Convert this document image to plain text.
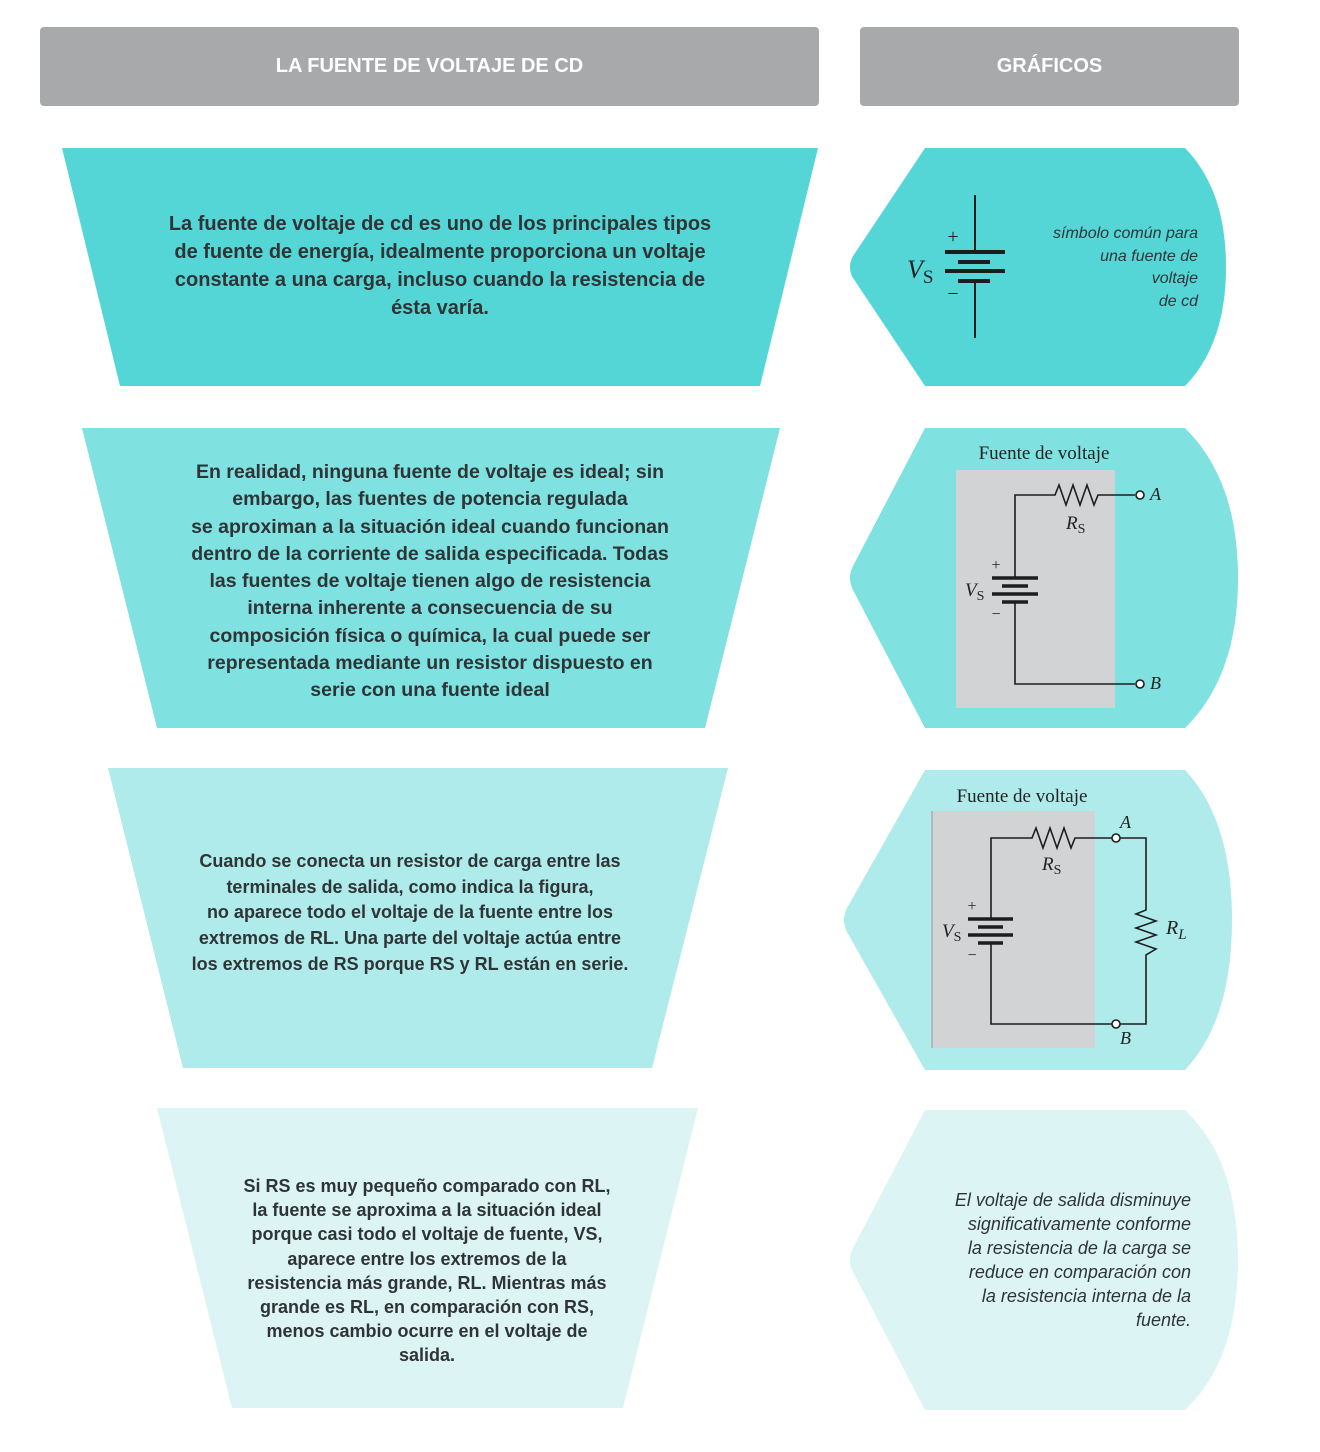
+
−
VS
Fuente de voltaje
+
−
$V_S$
$R_S$
A
B
Fuente de voltaje
+
−
$V_S$
$R_S$
$R_L$
A
B
LA FUENTE DE VOLTAJE DE CD	GRÁFICOS
La fuente de voltaje de cd es uno de los principales tipos
de fuente de energía, idealmente proporciona un voltaje
constante a una carga, incluso cuando la resistencia de
ésta varía.
En realidad, ninguna fuente de voltaje es ideal; sin
embargo, las fuentes de potencia regulada
se aproximan a la situación ideal cuando funcionan
dentro de la corriente de salida especificada. Todas
las fuentes de voltaje tienen algo de resistencia
interna inherente a consecuencia de su
composición física o química, la cual puede ser
representada mediante un resistor dispuesto en
serie con una fuente ideal
Cuando se conecta un resistor de carga entre las
terminales de salida, como indica la figura,
no aparece todo el voltaje de la fuente entre los
extremos de RL. Una parte del voltaje actúa entre
los extremos de RS porque RS y RL están en serie.
Si RS es muy pequeño comparado con RL,
la fuente se aproxima a la situación ideal
porque casi todo el voltaje de fuente, VS,
aparece entre los extremos de la
resistencia más grande, RL. Mientras más
grande es RL, en comparación con RS,
menos cambio ocurre en el voltaje de
salida.
símbolo común para
una fuente de
voltaje
de cd
El voltaje de salida disminuye
significativamente conforme
la resistencia de la carga se
reduce en comparación con
la resistencia interna de la
fuente.
